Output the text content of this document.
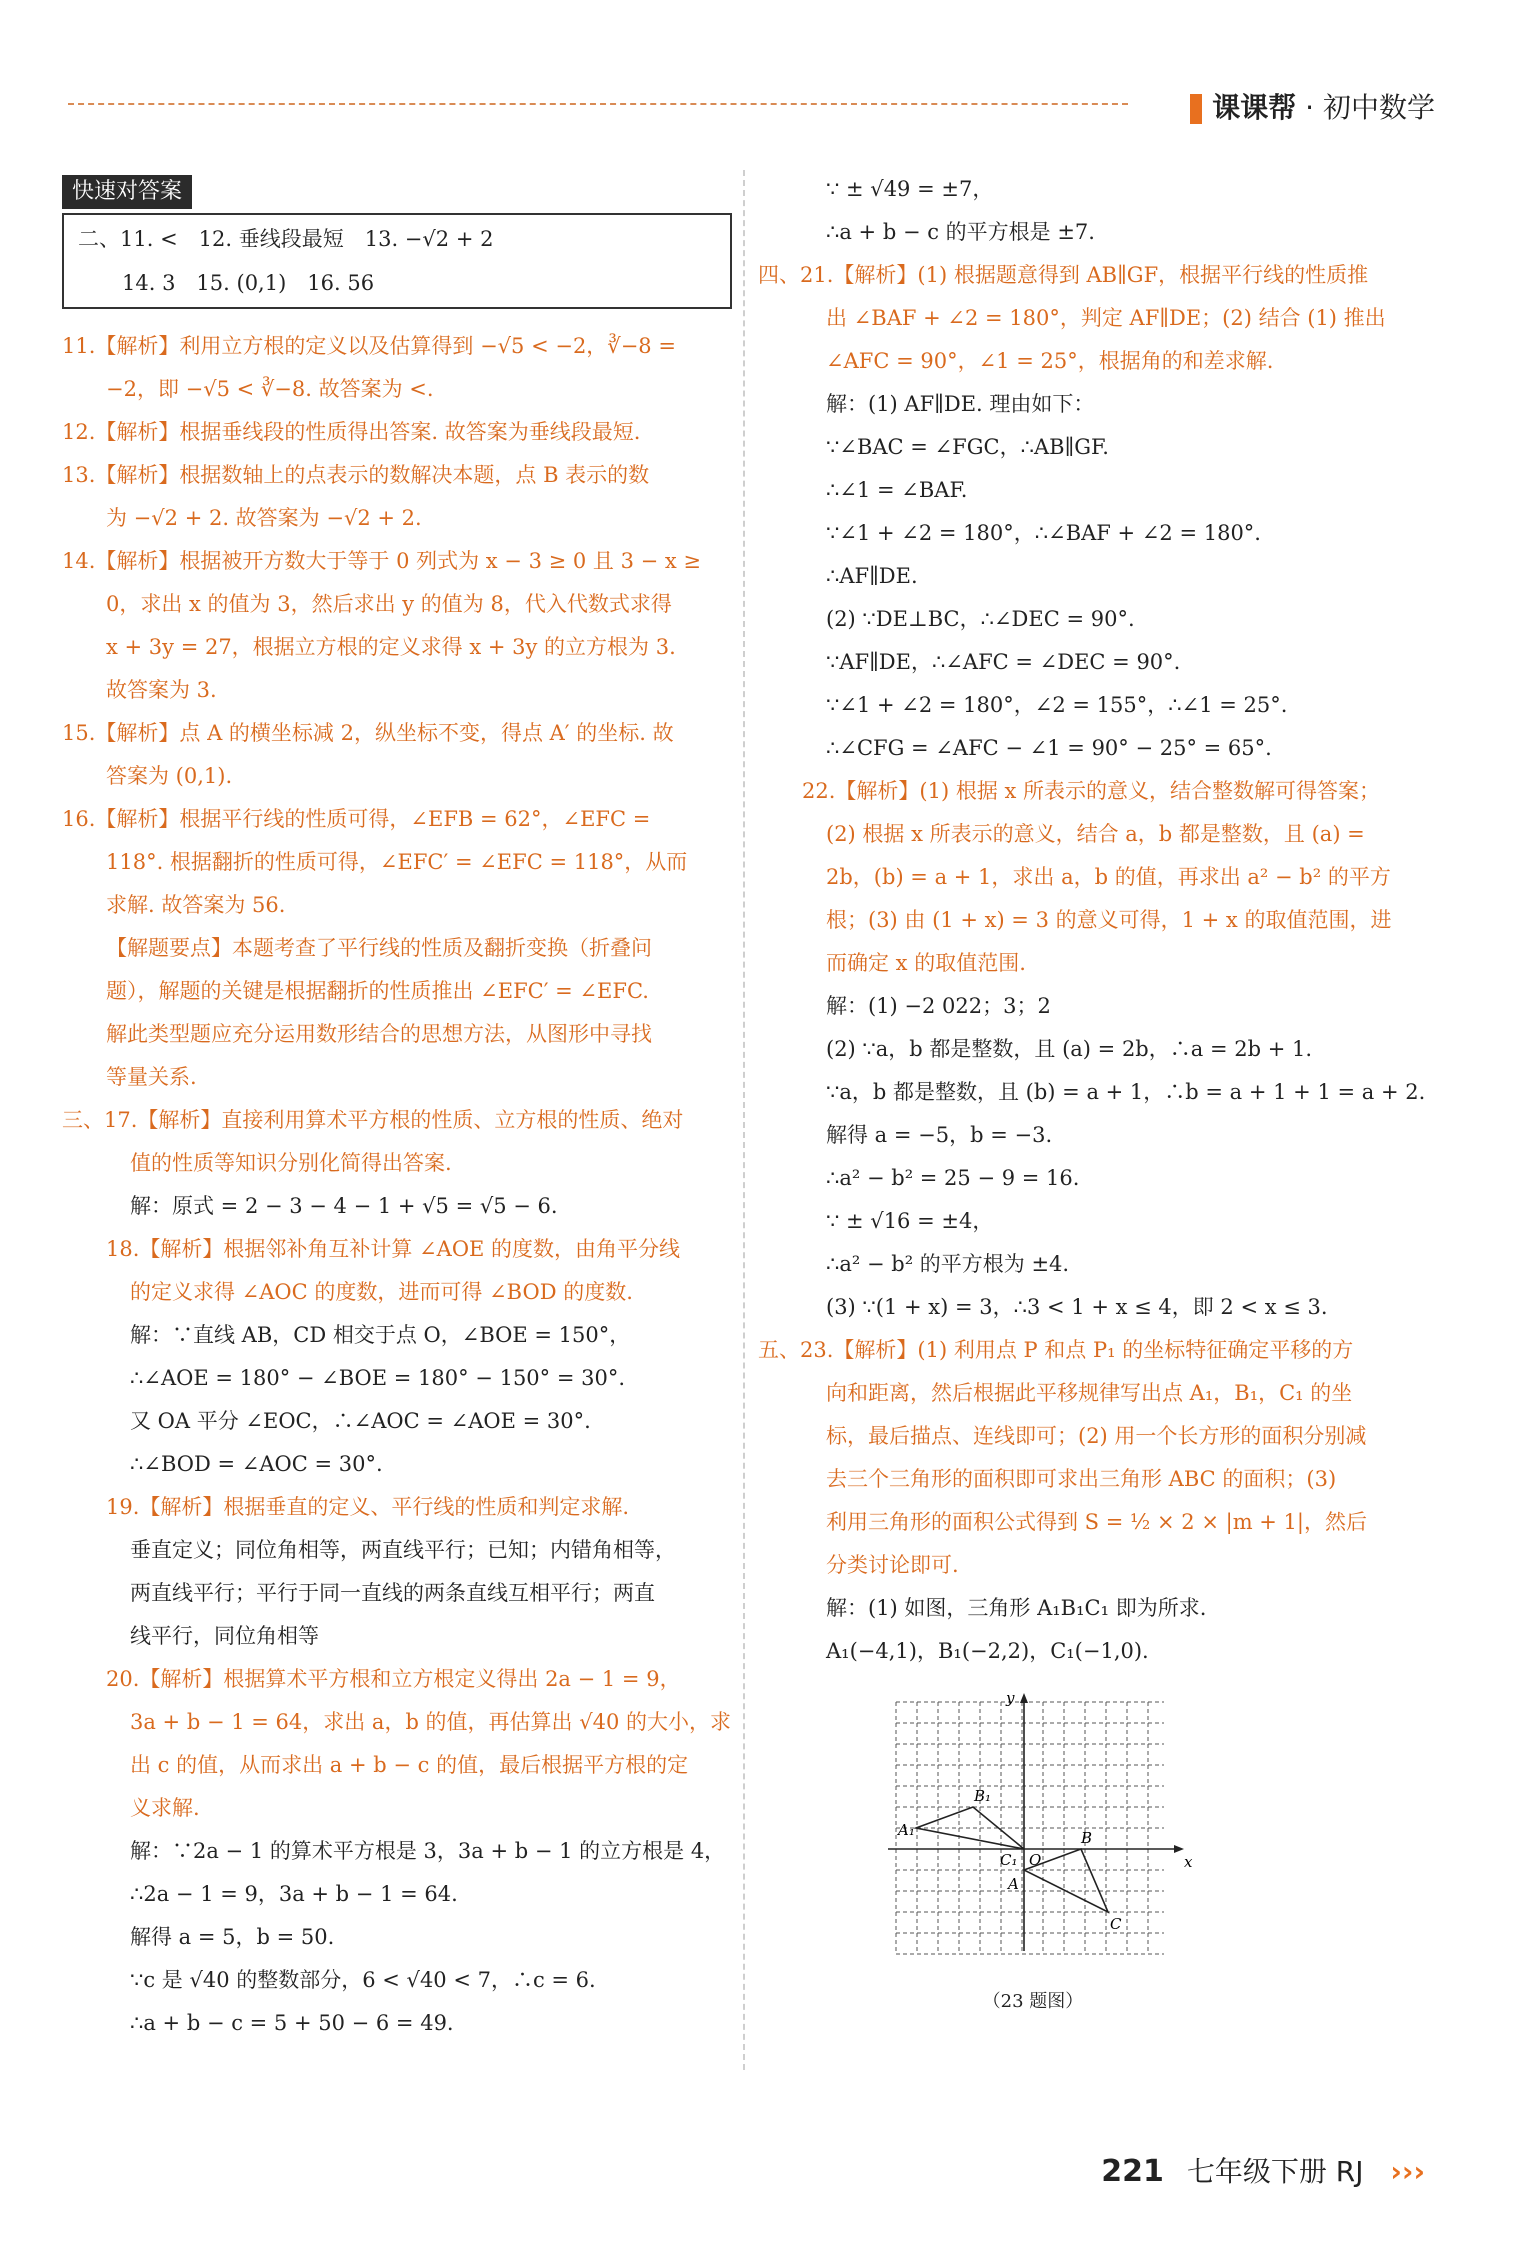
课课帮 · 初中数学
快速对答案
二、11. <　12. 垂线段最短　13. −√2 + 2
14. 3　15. (0,1)　16. 56
11.【解析】利用立方根的定义以及估算得到 −√5 < −2，∛−8 =
−2，即 −√5 < ∛−8. 故答案为 <.
12.【解析】根据垂线段的性质得出答案. 故答案为垂线段最短.
13.【解析】根据数轴上的点表示的数解决本题，点 B 表示的数
为 −√2 + 2. 故答案为 −√2 + 2.
14.【解析】根据被开方数大于等于 0 列式为 x − 3 ≥ 0 且 3 − x ≥
0，求出 x 的值为 3，然后求出 y 的值为 8，代入代数式求得
x + 3y = 27，根据立方根的定义求得 x + 3y 的立方根为 3.
故答案为 3.
15.【解析】点 A 的横坐标减 2，纵坐标不变，得点 A′ 的坐标. 故
答案为 (0,1).
16.【解析】根据平行线的性质可得，∠EFB = 62°，∠EFC =
118°. 根据翻折的性质可得，∠EFC′ = ∠EFC = 118°，从而
求解. 故答案为 56.
【解题要点】本题考查了平行线的性质及翻折变换（折叠问
题），解题的关键是根据翻折的性质推出 ∠EFC′ = ∠EFC.
解此类型题应充分运用数形结合的思想方法，从图形中寻找
等量关系.
三、17.【解析】直接利用算术平方根的性质、立方根的性质、绝对
值的性质等知识分别化简得出答案.
解：原式 = 2 − 3 − 4 − 1 + √5 = √5 − 6.
18.【解析】根据邻补角互补计算 ∠AOE 的度数，由角平分线
的定义求得 ∠AOC 的度数，进而可得 ∠BOD 的度数.
解：∵直线 AB，CD 相交于点 O，∠BOE = 150°，
∴∠AOE = 180° − ∠BOE = 180° − 150° = 30°.
又 OA 平分 ∠EOC，∴∠AOC = ∠AOE = 30°.
∴∠BOD = ∠AOC = 30°.
19.【解析】根据垂直的定义、平行线的性质和判定求解.
垂直定义；同位角相等，两直线平行；已知；内错角相等，
两直线平行；平行于同一直线的两条直线互相平行；两直
线平行，同位角相等
20.【解析】根据算术平方根和立方根定义得出 2a − 1 = 9，
3a + b − 1 = 64，求出 a，b 的值，再估算出 √40 的大小，求
出 c 的值，从而求出 a + b − c 的值，最后根据平方根的定
义求解.
解：∵2a − 1 的算术平方根是 3，3a + b − 1 的立方根是 4，
∴2a − 1 = 9，3a + b − 1 = 64.
解得 a = 5，b = 50.
∵c 是 √40 的整数部分，6 < √40 < 7，∴c = 6.
∴a + b − c = 5 + 50 − 6 = 49.
∵ ± √49 = ±7，
∴a + b − c 的平方根是 ±7.
四、21.【解析】(1) 根据题意得到 AB∥GF，根据平行线的性质推
出 ∠BAF + ∠2 = 180°，判定 AF∥DE；(2) 结合 (1) 推出
∠AFC = 90°，∠1 = 25°，根据角的和差求解.
解：(1) AF∥DE. 理由如下：
∵∠BAC = ∠FGC，∴AB∥GF.
∴∠1 = ∠BAF.
∵∠1 + ∠2 = 180°，∴∠BAF + ∠2 = 180°.
∴AF∥DE.
(2) ∵DE⊥BC，∴∠DEC = 90°.
∵AF∥DE，∴∠AFC = ∠DEC = 90°.
∵∠1 + ∠2 = 180°，∠2 = 155°，∴∠1 = 25°.
∴∠CFG = ∠AFC − ∠1 = 90° − 25° = 65°.
22.【解析】(1) 根据 x 所表示的意义，结合整数解可得答案；
(2) 根据 x 所表示的意义，结合 a，b 都是整数，且 (a) =
2b，(b) = a + 1，求出 a，b 的值，再求出 a² − b² 的平方
根；(3) 由 (1 + x) = 3 的意义可得，1 + x 的取值范围，进
而确定 x 的取值范围.
解：(1) −2 022；3；2
(2) ∵a，b 都是整数，且 (a) = 2b，∴a = 2b + 1.
∵a，b 都是整数，且 (b) = a + 1，∴b = a + 1 + 1 = a + 2.
解得 a = −5，b = −3.
∴a² − b² = 25 − 9 = 16.
∵ ± √16 = ±4，
∴a² − b² 的平方根为 ±4.
(3) ∵(1 + x) = 3，∴3 < 1 + x ≤ 4，即 2 < x ≤ 3.
五、23.【解析】(1) 利用点 P 和点 P₁ 的坐标特征确定平移的方
向和距离，然后根据此平移规律写出点 A₁，B₁，C₁ 的坐
标，最后描点、连线即可；(2) 用一个长方形的面积分别减
去三个三角形的面积即可求出三角形 ABC 的面积；(3)
利用三角形的面积公式得到 S = ½ × 2 × |m + 1|，然后
分类讨论即可.
解：(1) 如图，三角形 A₁B₁C₁ 即为所求.
A₁(−4,1)，B₁(−2,2)，C₁(−1,0).
x
y
O
A
B
C
A₁
B₁
C₁
（23 题图）
221 七年级下册 RJ ›››
